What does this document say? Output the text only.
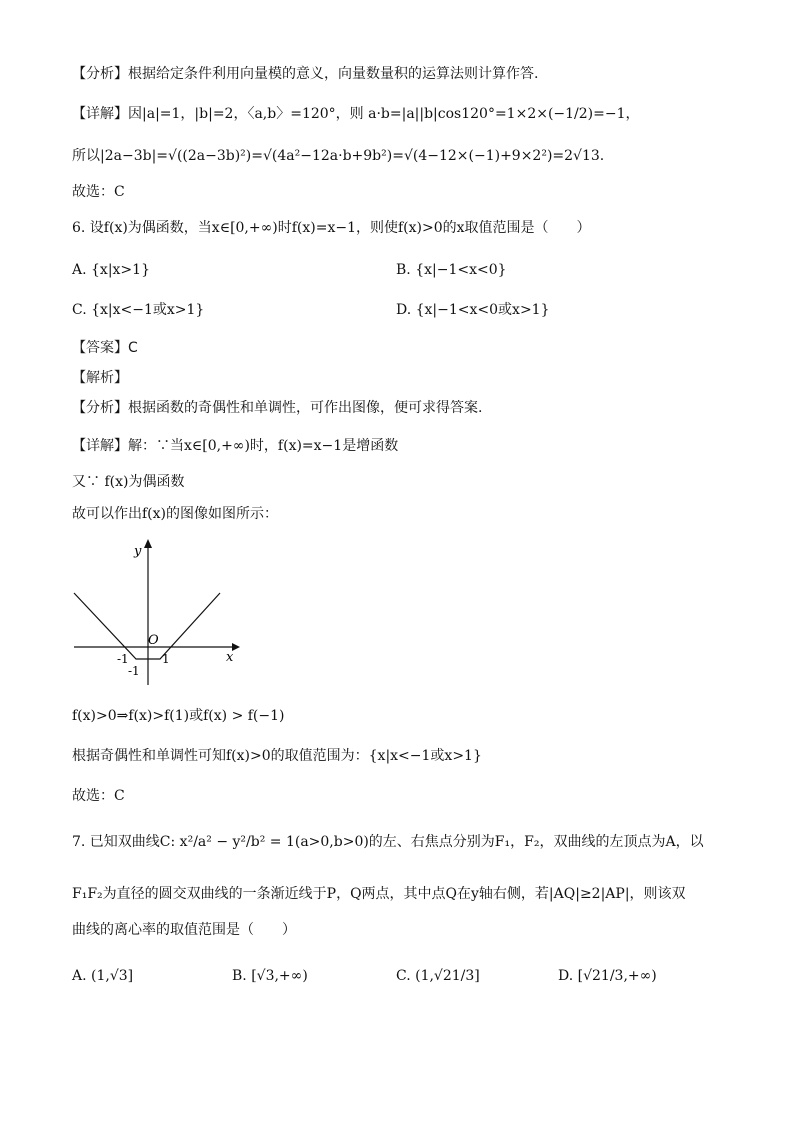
【分析】根据给定条件利用向量模的意义，向量数量积的运算法则计算作答.
【详解】因|a|=1，|b|=2，〈a,b〉=120°，则 a·b=|a||b|cos120°=1×2×(−1/2)=−1，
所以|2a−3b|=√((2a−3b)²)=√(4a²−12a·b+9b²)=√(4−12×(−1)+9×2²)=2√13.
故选：C
6. 设f(x)为偶函数，当x∈[0,+∞)时f(x)=x−1，则使f(x)>0的x取值范围是（　　）
A. {x|x>1}	B. {x|−1<x<0}
C. {x|x<−1或x>1}	D. {x|−1<x<0或x>1}
【答案】C
【解析】
【分析】根据函数的奇偶性和单调性，可作出图像，便可求得答案.
【详解】解：∵当x∈[0,+∞)时，f(x)=x−1是增函数
又∵ f(x)为偶函数
故可以作出f(x)的图像如图所示：
y
x
O
-1	1
-1
f(x)>0⇒f(x)>f(1)或f(x) > f(−1)
根据奇偶性和单调性可知f(x)>0的取值范围为：{x|x<−1或x>1}
故选：C
7. 已知双曲线C: x²/a² − y²/b² = 1(a>0,b>0)的左、右焦点分别为F₁，F₂，双曲线的左顶点为A，以
F₁F₂为直径的圆交双曲线的一条渐近线于P，Q两点，其中点Q在y轴右侧，若|AQ|≥2|AP|，则该双
曲线的离心率的取值范围是（　　）
A. (1,√3]	B. [√3,+∞)	C. (1,√21/3]	D. [√21/3,+∞)
